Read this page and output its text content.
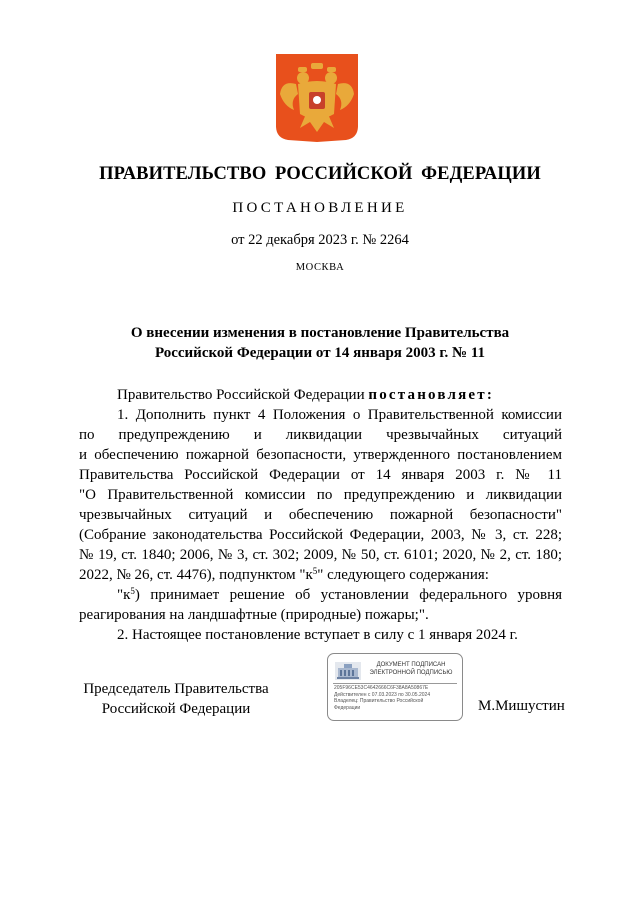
ПРАВИТЕЛЬСТВО РОССИЙСКОЙ ФЕДЕРАЦИИ
ПОСТАНОВЛЕНИЕ
от 22 декабря 2023 г. № 2264
МОСКВА
О внесении изменения в постановление Правительства
Российской Федерации от 14 января 2003 г. № 11
Правительство Российской Федерации постановляет:
1. Дополнить пункт 4 Положения о Правительственной комиссии
по предупреждению и ликвидации чрезвычайных ситуаций
и обеспечению пожарной безопасности, утвержденного постановлением
Правительства Российской Федерации от 14 января 2003 г. № 11
"О Правительственной комиссии по предупреждению и ликвидации
чрезвычайных ситуаций и обеспечению пожарной безопасности"
(Собрание законодательства Российской Федерации, 2003, № 3, ст. 228;
№ 19, ст. 1840; 2006, № 3, ст. 302; 2009, № 50, ст. 6101; 2020, № 2, ст. 180;
2022, № 26, ст. 4476), подпунктом "$к^5$" следующего содержания:
"$к^5$) принимает решение об установлении федерального уровня
реагирования на ландшафтные (природные) пожары;".
2. Настоящее постановление вступает в силу с 1 января 2024 г.
Председатель Правительства
Российской Федерации
ДОКУМЕНТ ПОДПИСАН
ЭЛЕКТРОННОЙ ПОДПИСЬЮ
205F96CE53C4642666C6F38A8A50867E
Действителен с 07.03.2023 по 30.05.2024
Владелец: Правительство Российской
Федерации	М.Мишустин
